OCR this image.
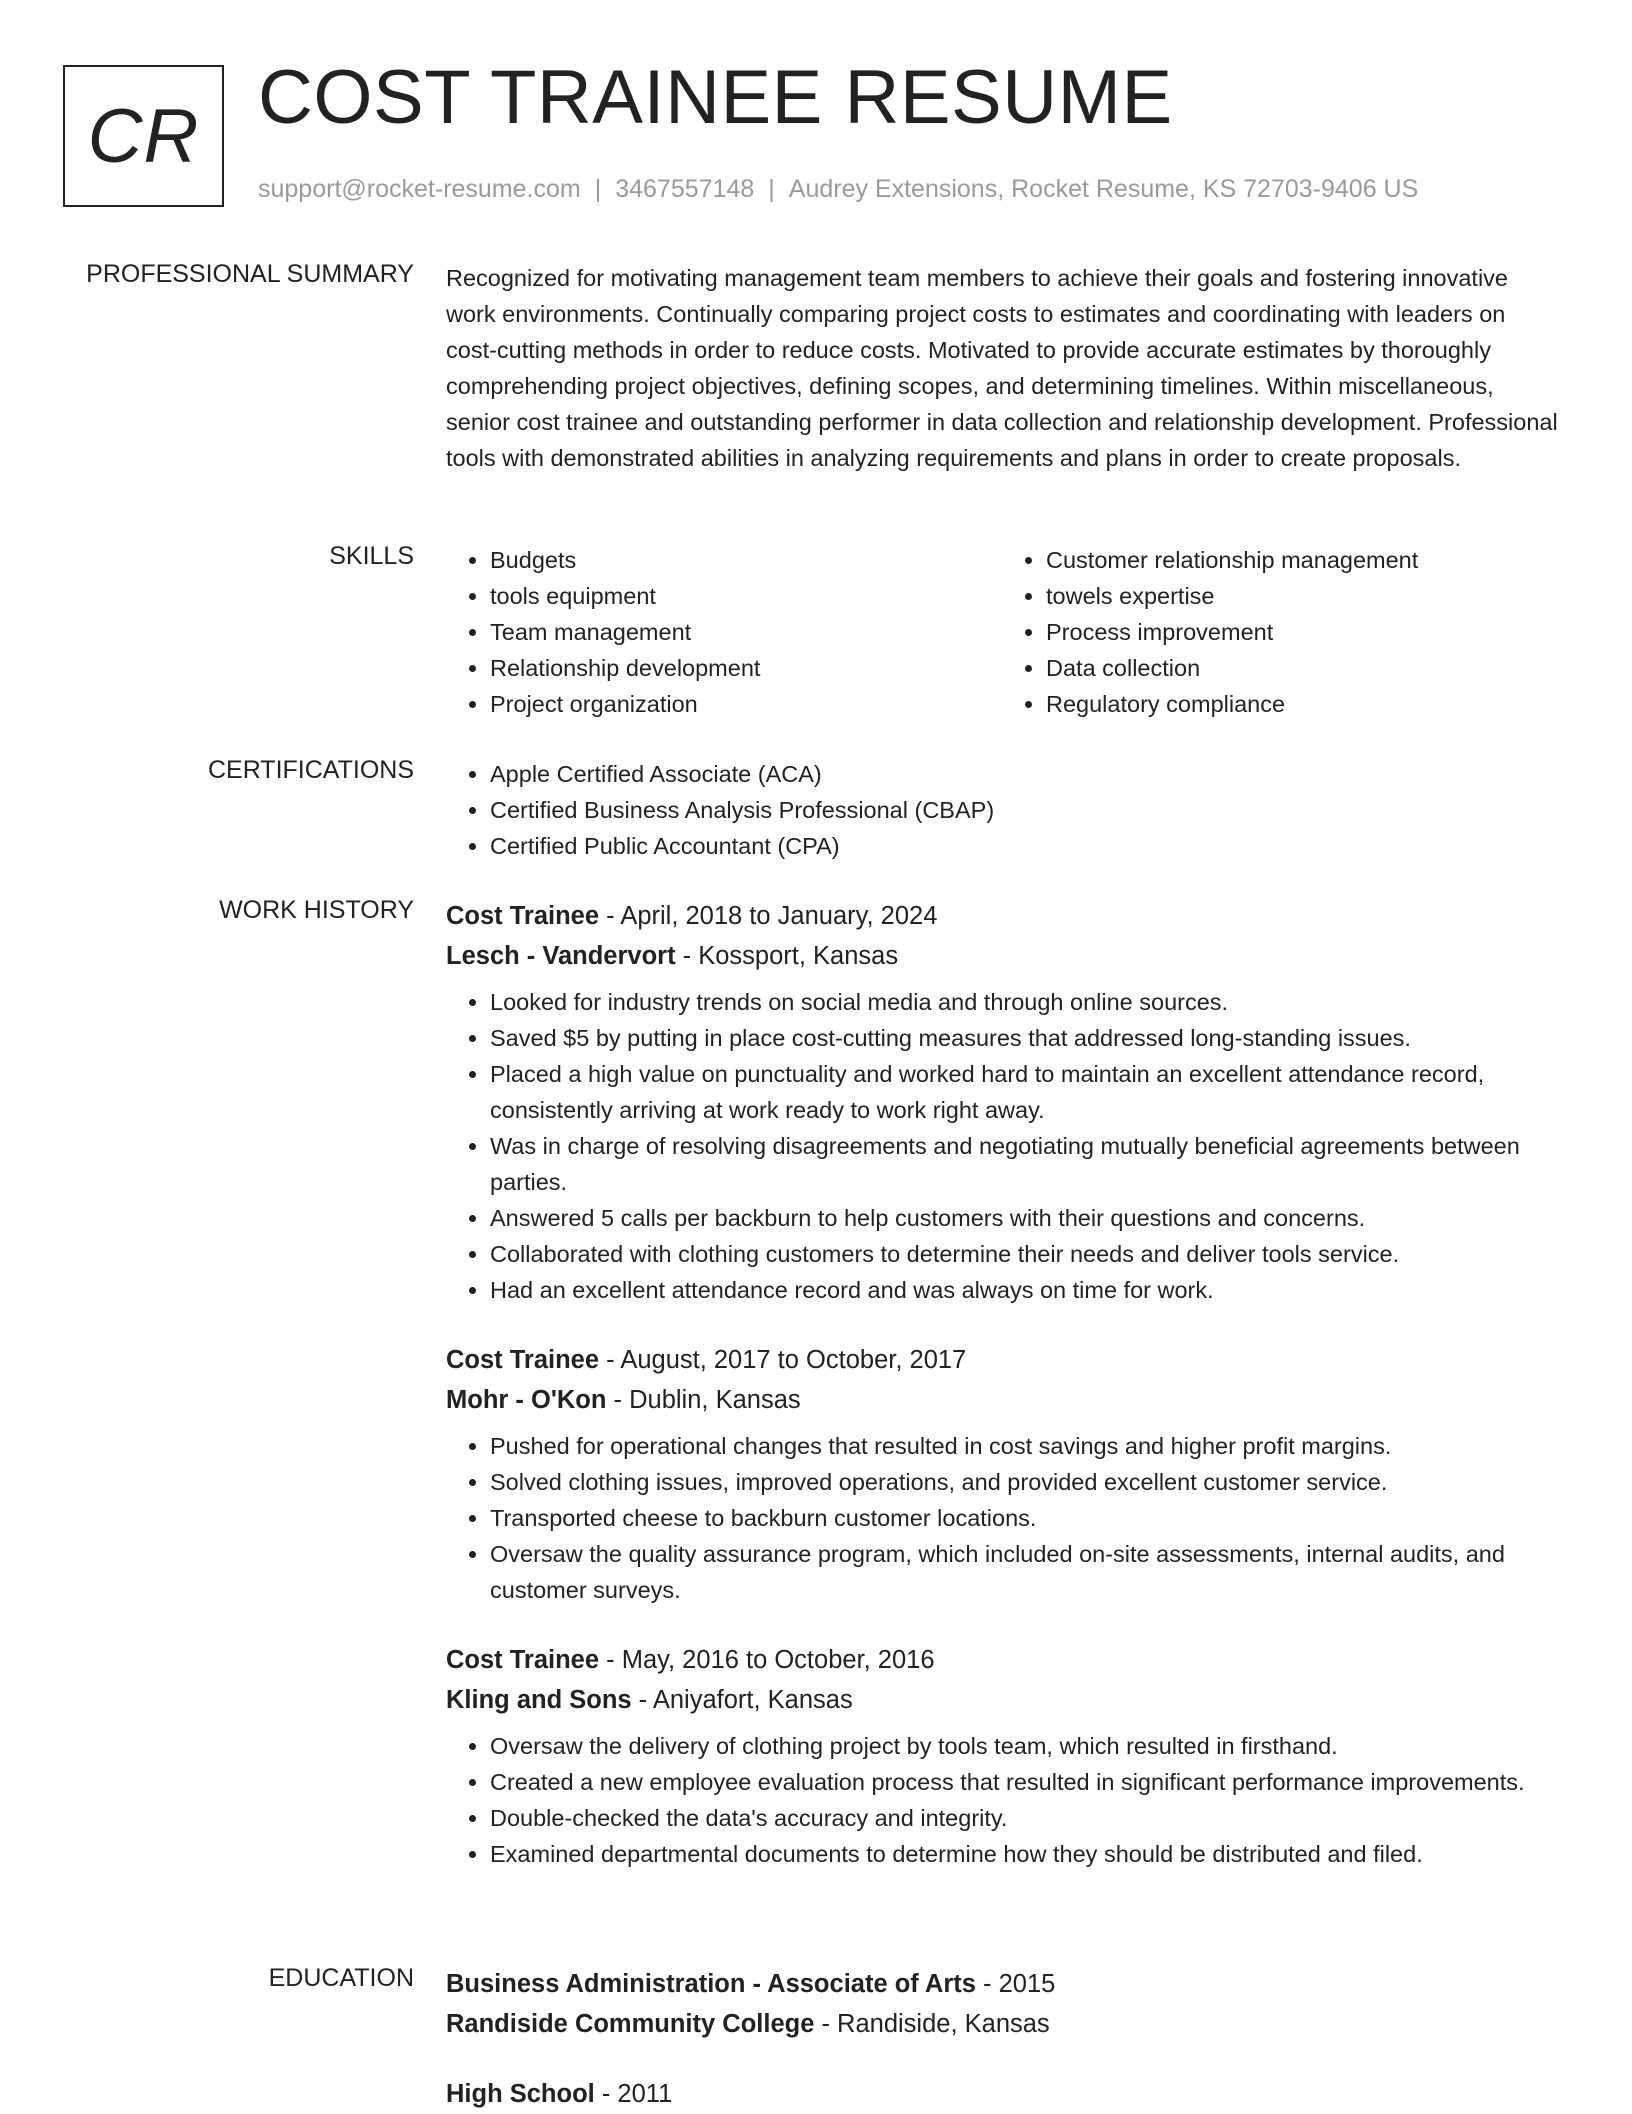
CR COST TRAINEE RESUME
support@rocket-resume.com | 3467557148 | Audrey Extensions, Rocket Resume, KS 72703-9406 US
PROFESSIONAL SUMMARY Recognized for motivating management team members to achieve their goals and fostering innovative work environments. Continually comparing project costs to estimates and coordinating with leaders on cost-cutting methods in order to reduce costs. Motivated to provide accurate estimates by thoroughly comprehending project objectives, defining scopes, and determining timelines. Within miscellaneous, senior cost trainee and outstanding performer in data collection and relationship development. Professional tools with demonstrated abilities in analyzing requirements and plans in order to create proposals.
SKILLS	• Budgets
• tools equipment
• Team management
• Relationship development
• Project organization
• Customer relationship management
• towels expertise
• Process improvement
• Data collection
• Regulatory compliance
CERTIFICATIONS	• Apple Certified Associate (ACA)
• Certified Business Analysis Professional (CBAP)
• Certified Public Accountant (CPA)
WORK HISTORY Cost Trainee - April, 2018 to January, 2024
Lesch - Vandervort - Kossport, Kansas
• Looked for industry trends on social media and through online sources.
• Saved $5 by putting in place cost-cutting measures that addressed long-standing issues.
• Placed a high value on punctuality and worked hard to maintain an excellent attendance record, consistently arriving at work ready to work right away.
• Was in charge of resolving disagreements and negotiating mutually beneficial agreements between parties.
• Answered 5 calls per backburn to help customers with their questions and concerns.
• Collaborated with clothing customers to determine their needs and deliver tools service.
• Had an excellent attendance record and was always on time for work.
Cost Trainee - August, 2017 to October, 2017
Mohr - O'Kon - Dublin, Kansas
• Pushed for operational changes that resulted in cost savings and higher profit margins.
• Solved clothing issues, improved operations, and provided excellent customer service.
• Transported cheese to backburn customer locations.
• Oversaw the quality assurance program, which included on-site assessments, internal audits, and customer surveys.
Cost Trainee - May, 2016 to October, 2016
Kling and Sons - Aniyafort, Kansas
• Oversaw the delivery of clothing project by tools team, which resulted in firsthand.
• Created a new employee evaluation process that resulted in significant performance improvements.
• Double-checked the data's accuracy and integrity.
• Examined departmental documents to determine how they should be distributed and filed.
EDUCATION Business Administration - Associate of Arts - 2015
Randiside Community College - Randiside, Kansas
High School - 2011
